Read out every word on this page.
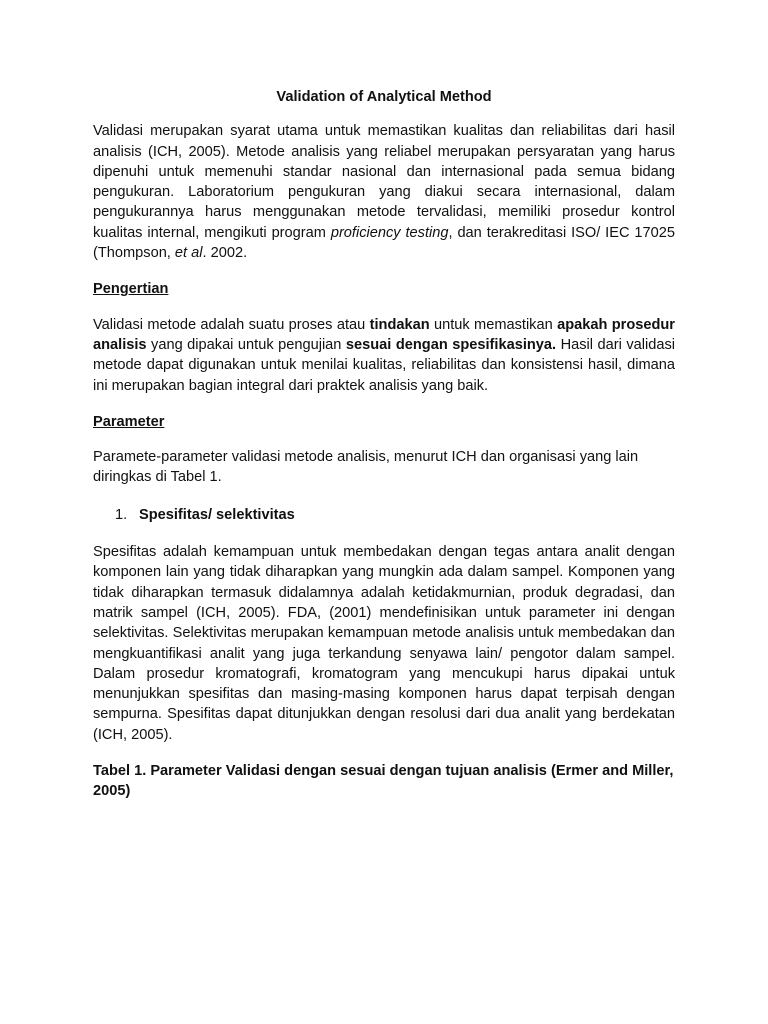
Validation of Analytical Method

Validasi merupakan syarat utama untuk memastikan kualitas dan reliabilitas dari hasil analisis (ICH, 2005). Metode analisis yang reliabel merupakan persyaratan yang harus dipenuhi untuk memenuhi standar nasional dan internasional pada semua bidang pengukuran. Laboratorium pengukuran yang diakui secara internasional, dalam pengukurannya harus menggunakan metode tervalidasi, memiliki prosedur kontrol kualitas internal, mengikuti program proficiency testing, dan terakreditasi ISO/ IEC 17025 (Thompson, et al. 2002.

Pengertian

Validasi metode adalah suatu proses atau tindakan untuk memastikan apakah prosedur analisis yang dipakai untuk pengujian sesuai dengan spesifikasinya. Hasil dari validasi metode dapat digunakan untuk menilai kualitas, reliabilitas dan konsistensi hasil, dimana ini merupakan bagian integral dari praktek analisis yang baik.

Parameter

Paramete-parameter validasi metode analisis, menurut ICH dan organisasi yang lain diringkas di Tabel 1.

1. Spesifitas/ selektivitas

Spesifitas adalah kemampuan untuk membedakan dengan tegas antara analit dengan komponen lain yang tidak diharapkan yang mungkin ada dalam sampel. Komponen yang tidak diharapkan termasuk didalamnya adalah ketidakmurnian, produk degradasi, dan matrik sampel (ICH, 2005). FDA, (2001) mendefinisikan untuk parameter ini dengan selektivitas. Selektivitas merupakan kemampuan metode analisis untuk membedakan dan mengkuantifikasi analit yang juga terkandung senyawa lain/ pengotor dalam sampel. Dalam prosedur kromatografi, kromatogram yang mencukupi harus dipakai untuk menunjukkan spesifitas dan masing-masing komponen harus dapat terpisah dengan sempurna. Spesifitas dapat ditunjukkan dengan resolusi dari dua analit yang berdekatan (ICH, 2005).

Tabel 1. Parameter Validasi dengan sesuai dengan tujuan analisis (Ermer and Miller, 2005)
